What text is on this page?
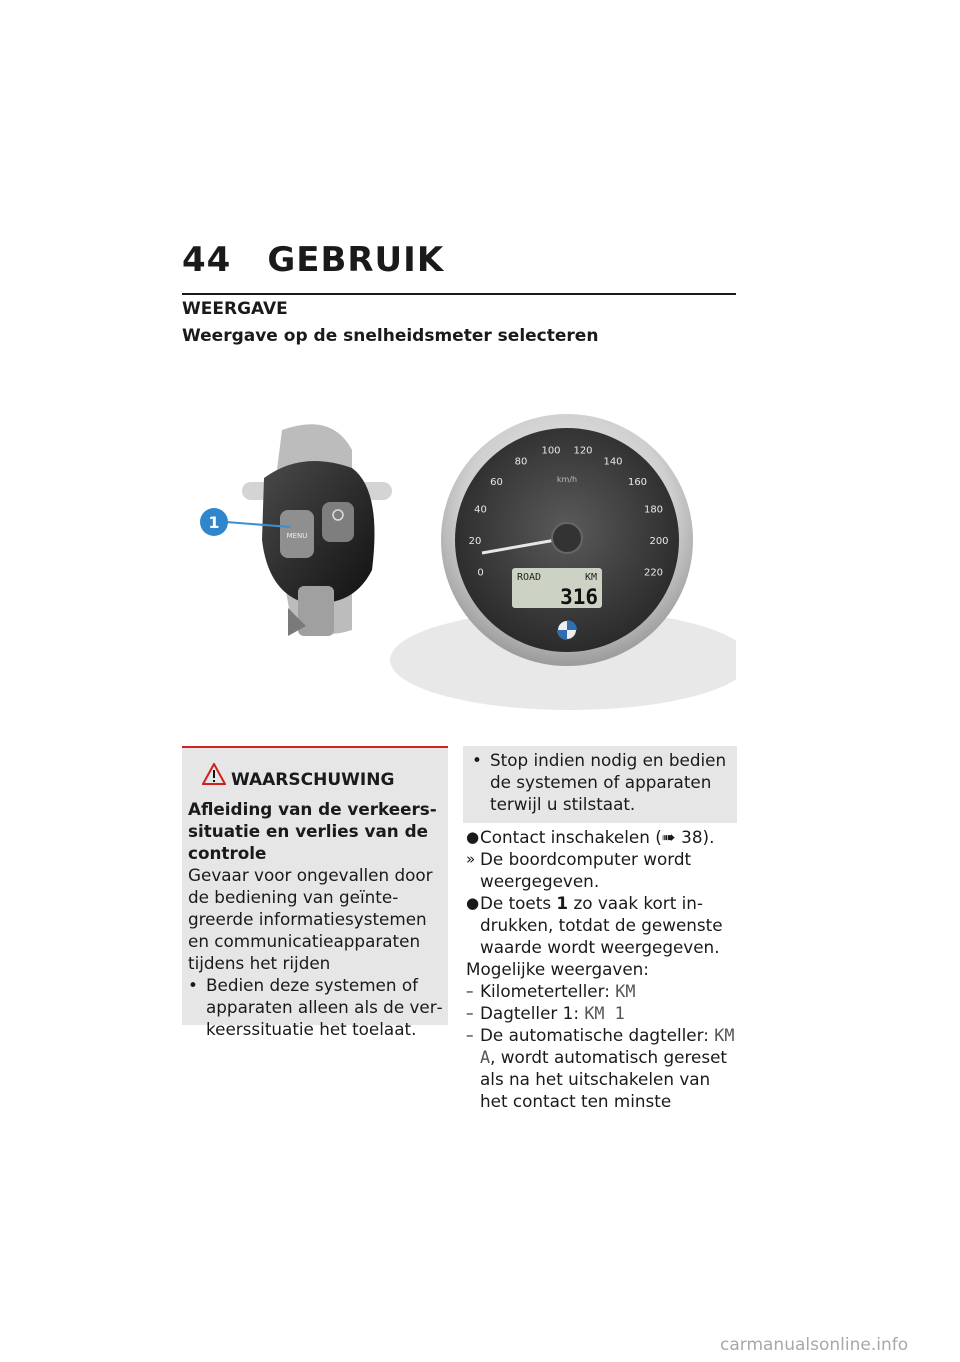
44 GEBRUIK
WEERGAVE
Weergave op de snelheidsmeter selecteren
MENU
1
0
20
40
60
80
100 120
140
160
180
200
220
km/h
ROAD	KM
316
WAARSCHUWING
Afleiding van de verkeerssituatie en verlies van de controle
Gevaar voor ongevallen door de bediening van geïntegreerde informatiesystemen en communicatieapparaten tijdens het rijden
• Bedien deze systemen of apparaten alleen als de verkeerssituatie het toelaat.
• Stop indien nodig en bedien de systemen of apparaten terwijl u stilstaat.
● Contact inschakelen (➠ 38).
» De boordcomputer wordt weergegeven.
● De toets 1 zo vaak kort indrukken, totdat de gewenste waarde wordt weergegeven.
Mogelijke weergaven:
– Kilometerteller: KM
– Dagteller 1: KM 1
– De automatische dagteller: KM A, wordt automatisch gereset als na het uitschakelen van het contact ten minste
carmanualsonline.info
